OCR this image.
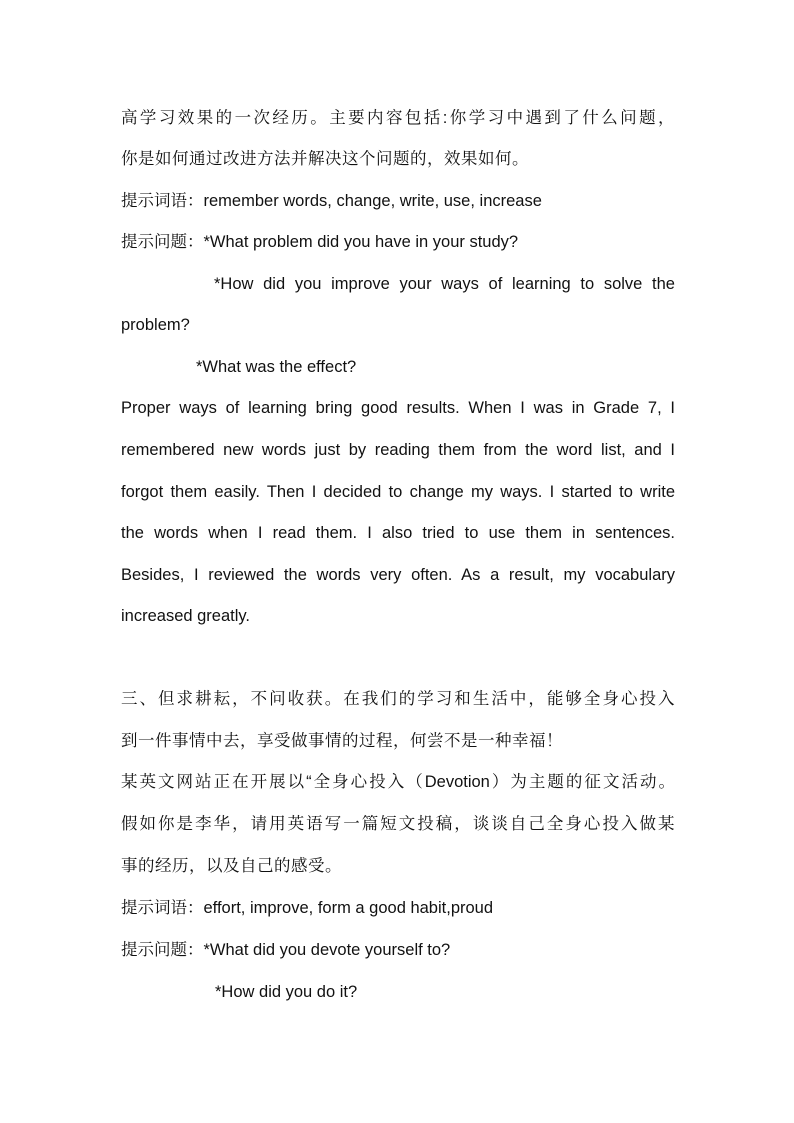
高学习效果的一次经历。主要内容包括:你学习中遇到了什么问题，
你是如何通过改进方法并解决这个问题的，效果如何。
提示词语：remember words, change, write, use, increase
提示问题：*What problem did you have in your study?
*How did you improve your ways of learning to solve the
problem?
*What was the effect?
Proper ways of learning bring good results. When I was in Grade 7, I
remembered new words just by reading them from the word list, and I
forgot them easily. Then I decided to change my ways. I started to write
the words when I read them. I also tried to use them in sentences.
Besides, I reviewed the words very often. As a result, my vocabulary
increased greatly.
三、但求耕耘，不问收获。在我们的学习和生活中，能够全身心投入
到一件事情中去，享受做事情的过程，何尝不是一种幸福！
某英文网站正在开展以“全身心投入（Devotion）为主题的征文活动。
假如你是李华，请用英语写一篇短文投稿，谈谈自己全身心投入做某
事的经历，以及自己的感受。
提示词语：effort, improve, form a good habit,proud
提示问题：*What did you devote yourself to?
*How did you do it?
